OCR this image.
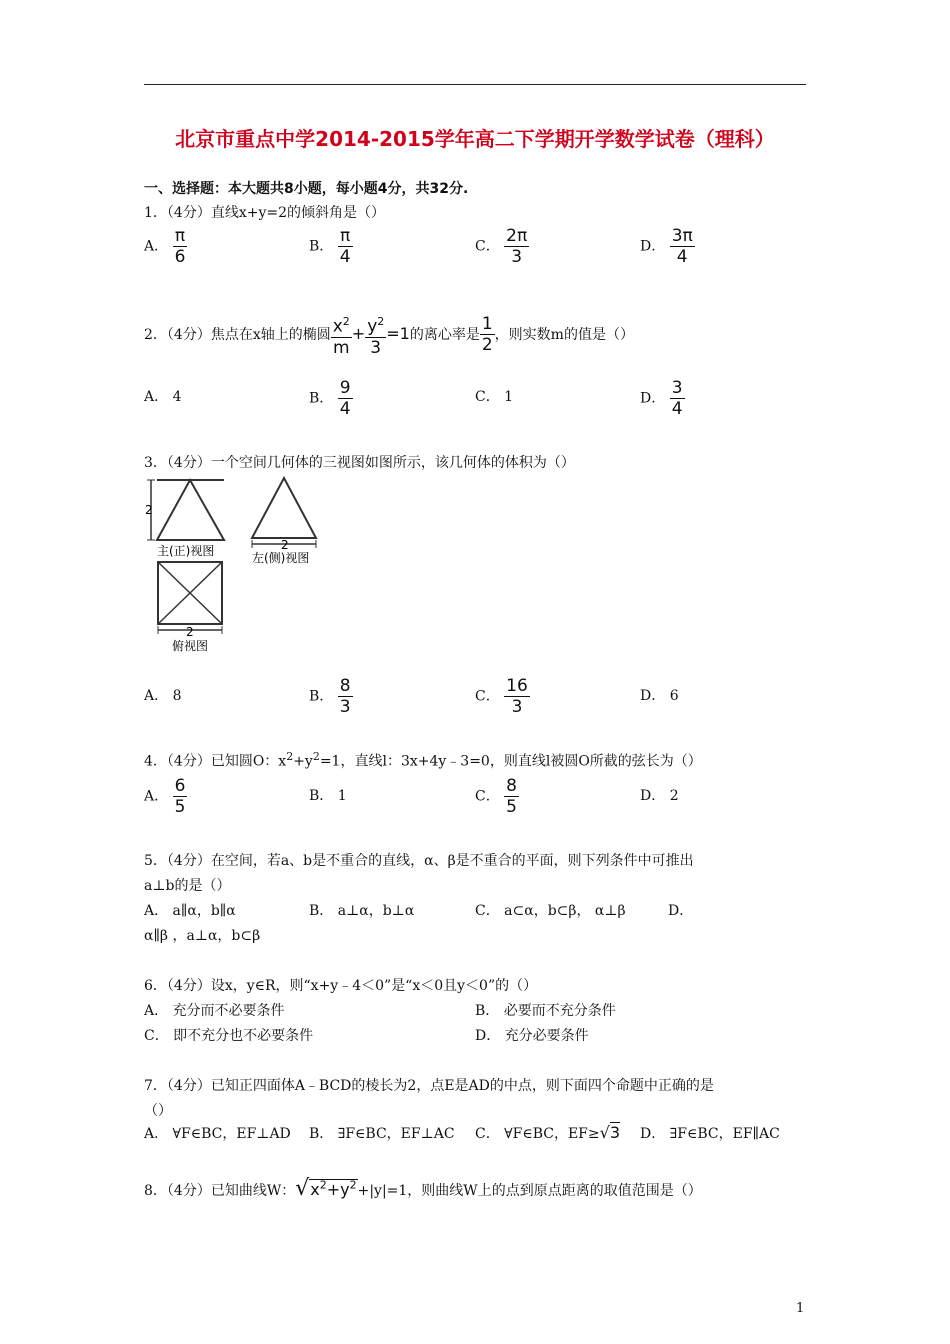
北京市重点中学2014-2015学年高二下学期开学数学试卷（理科）
一、选择题：本大题共8小题，每小题4分，共32分.
1．（4分）直线x+y=2的倾斜角是（）
A． $\frac{\pi}{6}$	B． $\frac{\pi}{4}$	C． $\frac{2\pi}{3}$	D． $\frac{3\pi}{4}$
2．（4分）焦点在x轴上的椭圆 $\frac{x^2}{m} + \frac{y^2}{3} =1$的离心率是 $\frac{1}{2}$ ，则实数m的值是（）
A． 4	B． $\frac{9}{4}$	C． 1	D． $\frac{3}{4}$
3．（4分）一个空间几何体的三视图如图所示，该几何体的体积为（）
2
主(正)视图	2
左(侧)视图
2
俯视图
A． 8	B． $\frac{8}{3}$	C． $\frac{16}{3}$	D． 6
4．（4分）已知圆O：$x^2+y^2=1$，直线l：3x+4y﹣3=0，则直线l被圆O所截的弦长为（）
A． $\frac{6}{5}$	B． 1	C． $\frac{8}{5}$	D． 2
5．（4分）在空间，若a、b是不重合的直线，α、β是不重合的平面，则下列条件中可推出
a⊥b的是（）
A． a∥α，b∥α	B． a⊥α，b⊥α	C． a⊂α，b⊂β， α⊥β	D．
α∥β ，a⊥α，b⊂β
6．（4分）设x，y∈R，则“x+y﹣4＜0”是“x＜0且y＜0”的（）
A． 充分而不必要条件	B． 必要而不充分条件
C． 即不充分也不必要条件	D． 充分必要条件
7．（4分）已知正四面体A﹣BCD的棱长为2，点E是AD的中点，则下面四个命题中正确的是
（）
A． ∀F∈BC，EF⊥AD B． ∃F∈BC，EF⊥AC C． ∀F∈BC，EF≥√3 D． ∃F∈BC，EF∥AC
8．（4分）已知曲线W：$√x^2+y^2+|y|=1$，则曲线W上的点到原点距离的取值范围是（）
1
